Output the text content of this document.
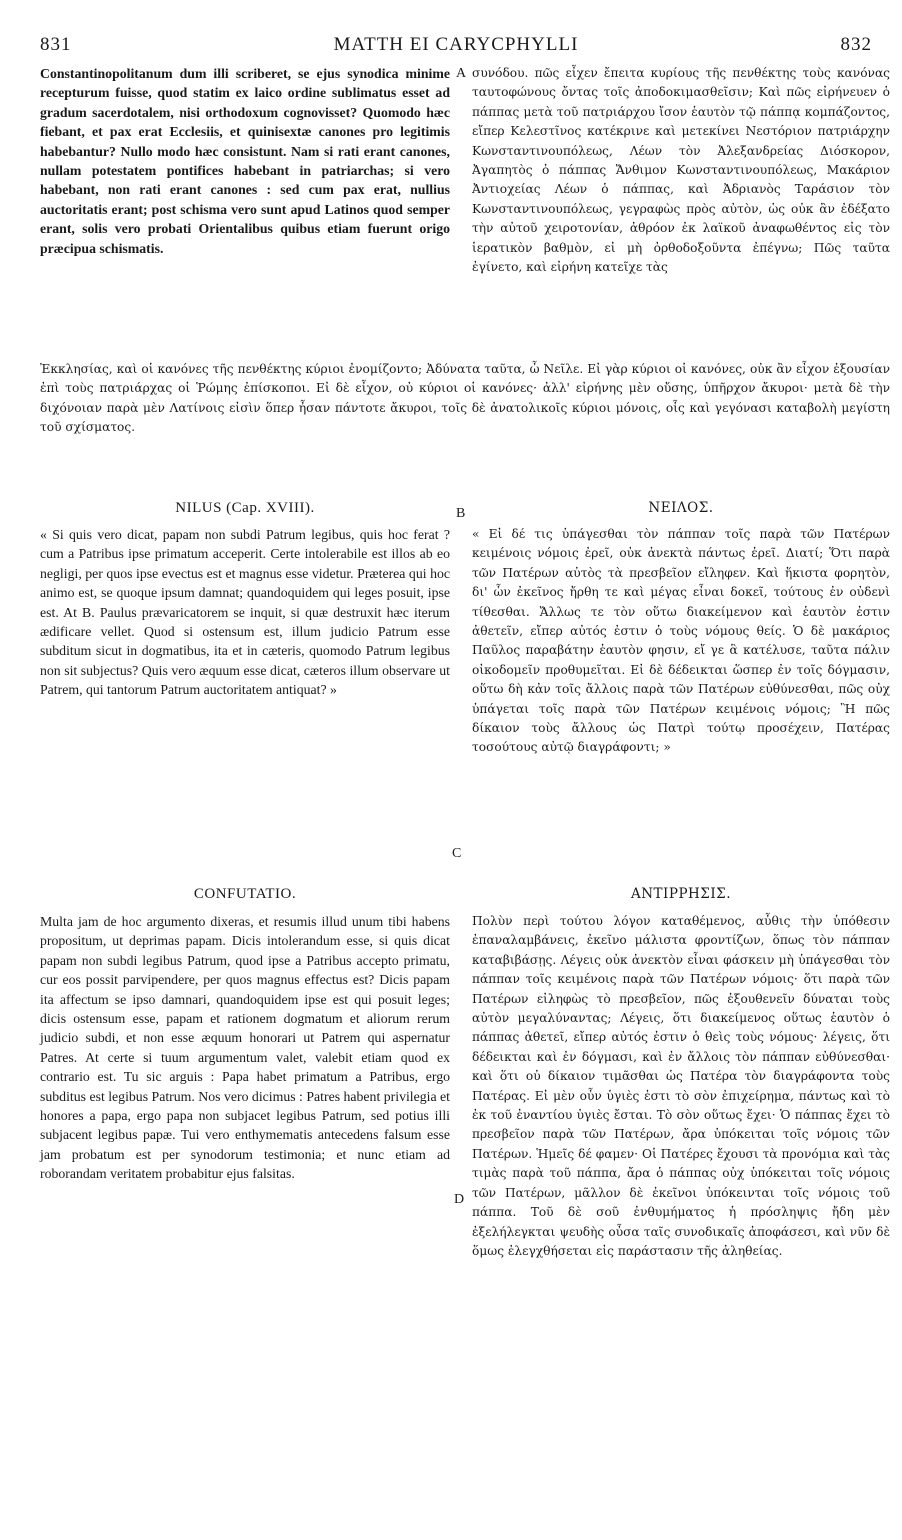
831	MATTH EI CARYCPHYLLI	832

Constantinopolitanum dum illi scriberet, se ejus synodica minime recepturum fuisse, quod statim ex laico ordine sublimatus esset ad gradum sacerdotalem, nisi orthodoxum cognovisset? Quomodo hæc fiebant, et pax erat Ecclesiis, et quinisextæ canones pro legitimis habebantur? Nullo modo hæc consistunt. Nam si rati erant canones, nullam potestatem pontifices habebant in patriarchas; si vero habebant, non rati erant canones : sed cum pax erat, nullius auctoritatis erant; post schisma vero sunt apud Latinos quod semper erant, solis vero probati Orientalibus quibus etiam fuerunt origo præcipua schismatis.

A συνόδου. πῶς εἶχεν ἔπειτα κυρίους τῆς πενθέκτης τοὺς κανόνας ταυτοφώνους ὄντας τοῖς ἀποδοκιμασθεῖσιν; Καὶ πῶς εἰρήνευεν ὁ πάππας μετὰ τοῦ πατριάρχου ἴσον ἑαυτὸν τῷ πάππᾳ κομπάζοντος, εἴπερ Κελεστῖνος κατέκρινε καὶ μετεκίνει Νεστόριον πατριάρχην Κωνσταντινουπόλεως, Λέων τὸν Ἀλεξανδρείας Διόσκορον, Ἀγαπητὸς ὁ πάππας Ἄνθιμον Κωνσταντινουπόλεως, Μακάριον Ἀντιοχείας Λέων ὁ πάππας, καὶ Ἀδριανὸς Ταράσιον τὸν Κωνσταντινουπόλεως, γεγραφὼς πρὸς αὐτὸν, ὡς οὐκ ἂν ἐδέξατο τὴν αὐτοῦ χειροτονίαν, ἀθρόον ἐκ λαϊκοῦ ἀναφωθέντος εἰς τὸν ἱερατικὸν βαθμὸν, εἰ μὴ ὀρθοδοξοῦντα ἐπέγνω; Πῶς ταῦτα ἐγίνετο, καὶ εἰρήνη κατεῖχε τὰς

Ἐκκλησίας, καὶ οἱ κανόνες τῆς πενθέκτης κύριοι ἐνομίζοντο; Ἀδύνατα ταῦτα, ὦ Νεῖλε. Εἰ γὰρ κύριοι οἱ κανόνες, οὐκ ἂν εἶχον ἐξουσίαν ἐπὶ τοὺς πατριάρχας οἱ Ῥώμης ἐπίσκοποι. Εἰ δὲ εἶχον, οὐ κύριοι οἱ κανόνες· ἀλλ' εἰρήνης μὲν οὔσης, ὑπῆρχον ἄκυροι· μετὰ δὲ τὴν διχόνοιαν παρὰ μὲν Λατίνοις εἰσὶν ὅπερ ἦσαν πάντοτε ἄκυροι, τοῖς δὲ ἀνατολικοῖς κύριοι μόνοις, οἷς καὶ γεγόνασι καταβολὴ μεγίστη τοῦ σχίσματος.

NILUS (Cap. XVIII).	B	ΝΕΙΛΟΣ.

« Si quis vero dicat, papam non subdi Patrum legibus, quis hoc ferat ? cum a Patribus ipse primatum acceperit. Certe intolerabile est illos ab eo negligi, per quos ipse evectus est et magnus esse videtur. Præterea qui hoc animo est, se quoque ipsum damnat; quandoquidem qui leges posuit, ipse est. At B. Paulus prævaricatorem se inquit, si quæ destruxit hæc iterum ædificare vellet. Quod si ostensum est, illum judicio Patrum esse subditum sicut in dogmatibus, ita et in cæteris, quomodo Patrum legibus non sit subjectus? Quis vero æquum esse dicat, cæteros illum observare ut Patrem, qui tantorum Patrum auctoritatem antiquat? »

« Εἰ δέ τις ὑπάγεσθαι τὸν πάππαν τοῖς παρὰ τῶν Πατέρων κειμένοις νόμοις ἐρεῖ, οὐκ ἀνεκτὰ πάντως ἐρεῖ. Διατί; Ὅτι παρὰ τῶν Πατέρων αὐτὸς τὰ πρεσβεῖον εἴληφεν. Καὶ ἥκιστα φορητὸν, δι' ὧν ἐκεῖνος ἤρθη τε καὶ μέγας εἶναι δοκεῖ, τούτους ἐν οὐδενὶ τίθεσθαι. Ἄλλως τε τὸν οὕτω διακείμενον καὶ ἑαυτὸν ἐστιν ἀθετεῖν, εἴπερ αὐτός ἐστιν ὁ τοὺς νόμους θείς. Ὁ δὲ μακάριος Παῦλος παραβάτην ἑαυτὸν φησιν, εἴ γε ἃ κατέλυσε, ταῦτα πάλιν οἰκοδομεῖν προθυμεῖται. Εἰ δὲ δέδεικται ὥσπερ ἐν τοῖς δόγμασιν, οὕτω δὴ κἀν τοῖς ἄλλοις παρὰ τῶν Πατέρων εὐθύνεσθαι, πῶς οὐχ ὑπάγεται τοῖς παρὰ τῶν Πατέρων κειμένοις νόμοις; Ἢ πῶς δίκαιον τοὺς ἄλλους ὡς Πατρὶ τούτῳ προσέχειν, Πατέρας τοσούτους αὐτῷ διαγράφοντι; »

C
CONFUTATIO.	ΑΝΤΙΡΡΗΣΙΣ.

Multa jam de hoc argumento dixeras, et resumis illud unum tibi habens propositum, ut deprimas papam. Dicis intolerandum esse, si quis dicat papam non subdi legibus Patrum, quod ipse a Patribus accepto primatu, cur eos possit parvipendere, per quos magnus effectus est? Dicis papam ita affectum se ipso damnari, quandoquidem ipse est qui posuit leges; dicis ostensum esse, papam et rationem dogmatum et aliorum rerum judicio subdi, et non esse æquum honorari ut Patrem qui aspernatur Patres. At certe si tuum argumentum valet, valebit etiam quod ex contrario est. Tu sic arguis : Papa habet primatum a Patribus, ergo subditus est legibus Patrum. Nos vero dicimus : Patres habent privilegia et honores a papa, ergo papa non subjacet legibus Patrum, sed potius illi subjacent legibus papæ. Tui vero enthymematis antecedens falsum esse jam probatum est per synodorum testimonia; et nunc etiam ad roborandam veritatem probabitur ejus falsitas.

D

Πολὺν περὶ τούτου λόγον καταθέμενος, αὖθις τὴν ὑπόθεσιν ἐπαναλαμβάνεις, ἐκεῖνο μάλιστα φροντίζων, ὅπως τὸν πάππαν καταβιβάσῃς. Λέγεις οὐκ ἀνεκτὸν εἶναι φάσκειν μὴ ὑπάγεσθαι τὸν πάππαν τοῖς κειμένοις παρὰ τῶν Πατέρων νόμοις· ὅτι παρὰ τῶν Πατέρων εἰληφὼς τὸ πρεσβεῖον, πῶς ἐξουθενεῖν δύναται τοὺς αὐτὸν μεγαλύναντας; Λέγεις, ὅτι διακείμενος οὕτως ἑαυτὸν ὁ πάππας ἀθετεῖ, εἴπερ αὐτός ἐστιν ὁ θεὶς τοὺς νόμους· λέγεις, ὅτι δέδεικται καὶ ἐν δόγμασι, καὶ ἐν ἄλλοις τὸν πάππαν εὐθύνεσθαι· καὶ ὅτι οὐ δίκαιον τιμᾶσθαι ὡς Πατέρα τὸν διαγράφοντα τοὺς Πατέρας. Εἰ μὲν οὖν ὑγιὲς ἐστι τὸ σὸν ἐπιχείρημα, πάντως καὶ τὸ ἐκ τοῦ ἐναντίου ὑγιὲς ἔσται. Τὸ σὸν οὕτως ἔχει· Ὁ πάππας ἔχει τὸ πρεσβεῖον παρὰ τῶν Πατέρων, ἄρα ὑπόκειται τοῖς νόμοις τῶν Πατέρων. Ἡμεῖς δέ φαμεν· Οἱ Πατέρες ἔχουσι τὰ προνόμια καὶ τὰς τιμὰς παρὰ τοῦ πάππα, ἄρα ὁ πάππας οὐχ ὑπόκειται τοῖς νόμοις τῶν Πατέρων, μᾶλλον δὲ ἐκεῖνοι ὑπόκεινται τοῖς νόμοις τοῦ πάππα. Τοῦ δὲ σοῦ ἐνθυμήματος ἡ πρόσληψις ἤδη μὲν ἐξελήλεγκται ψευδὴς οὖσα ταῖς συνοδικαῖς ἀποφάσεσι, καὶ νῦν δὲ ὅμως ἐλεγχθήσεται εἰς παράστασιν τῆς ἀληθείας.
